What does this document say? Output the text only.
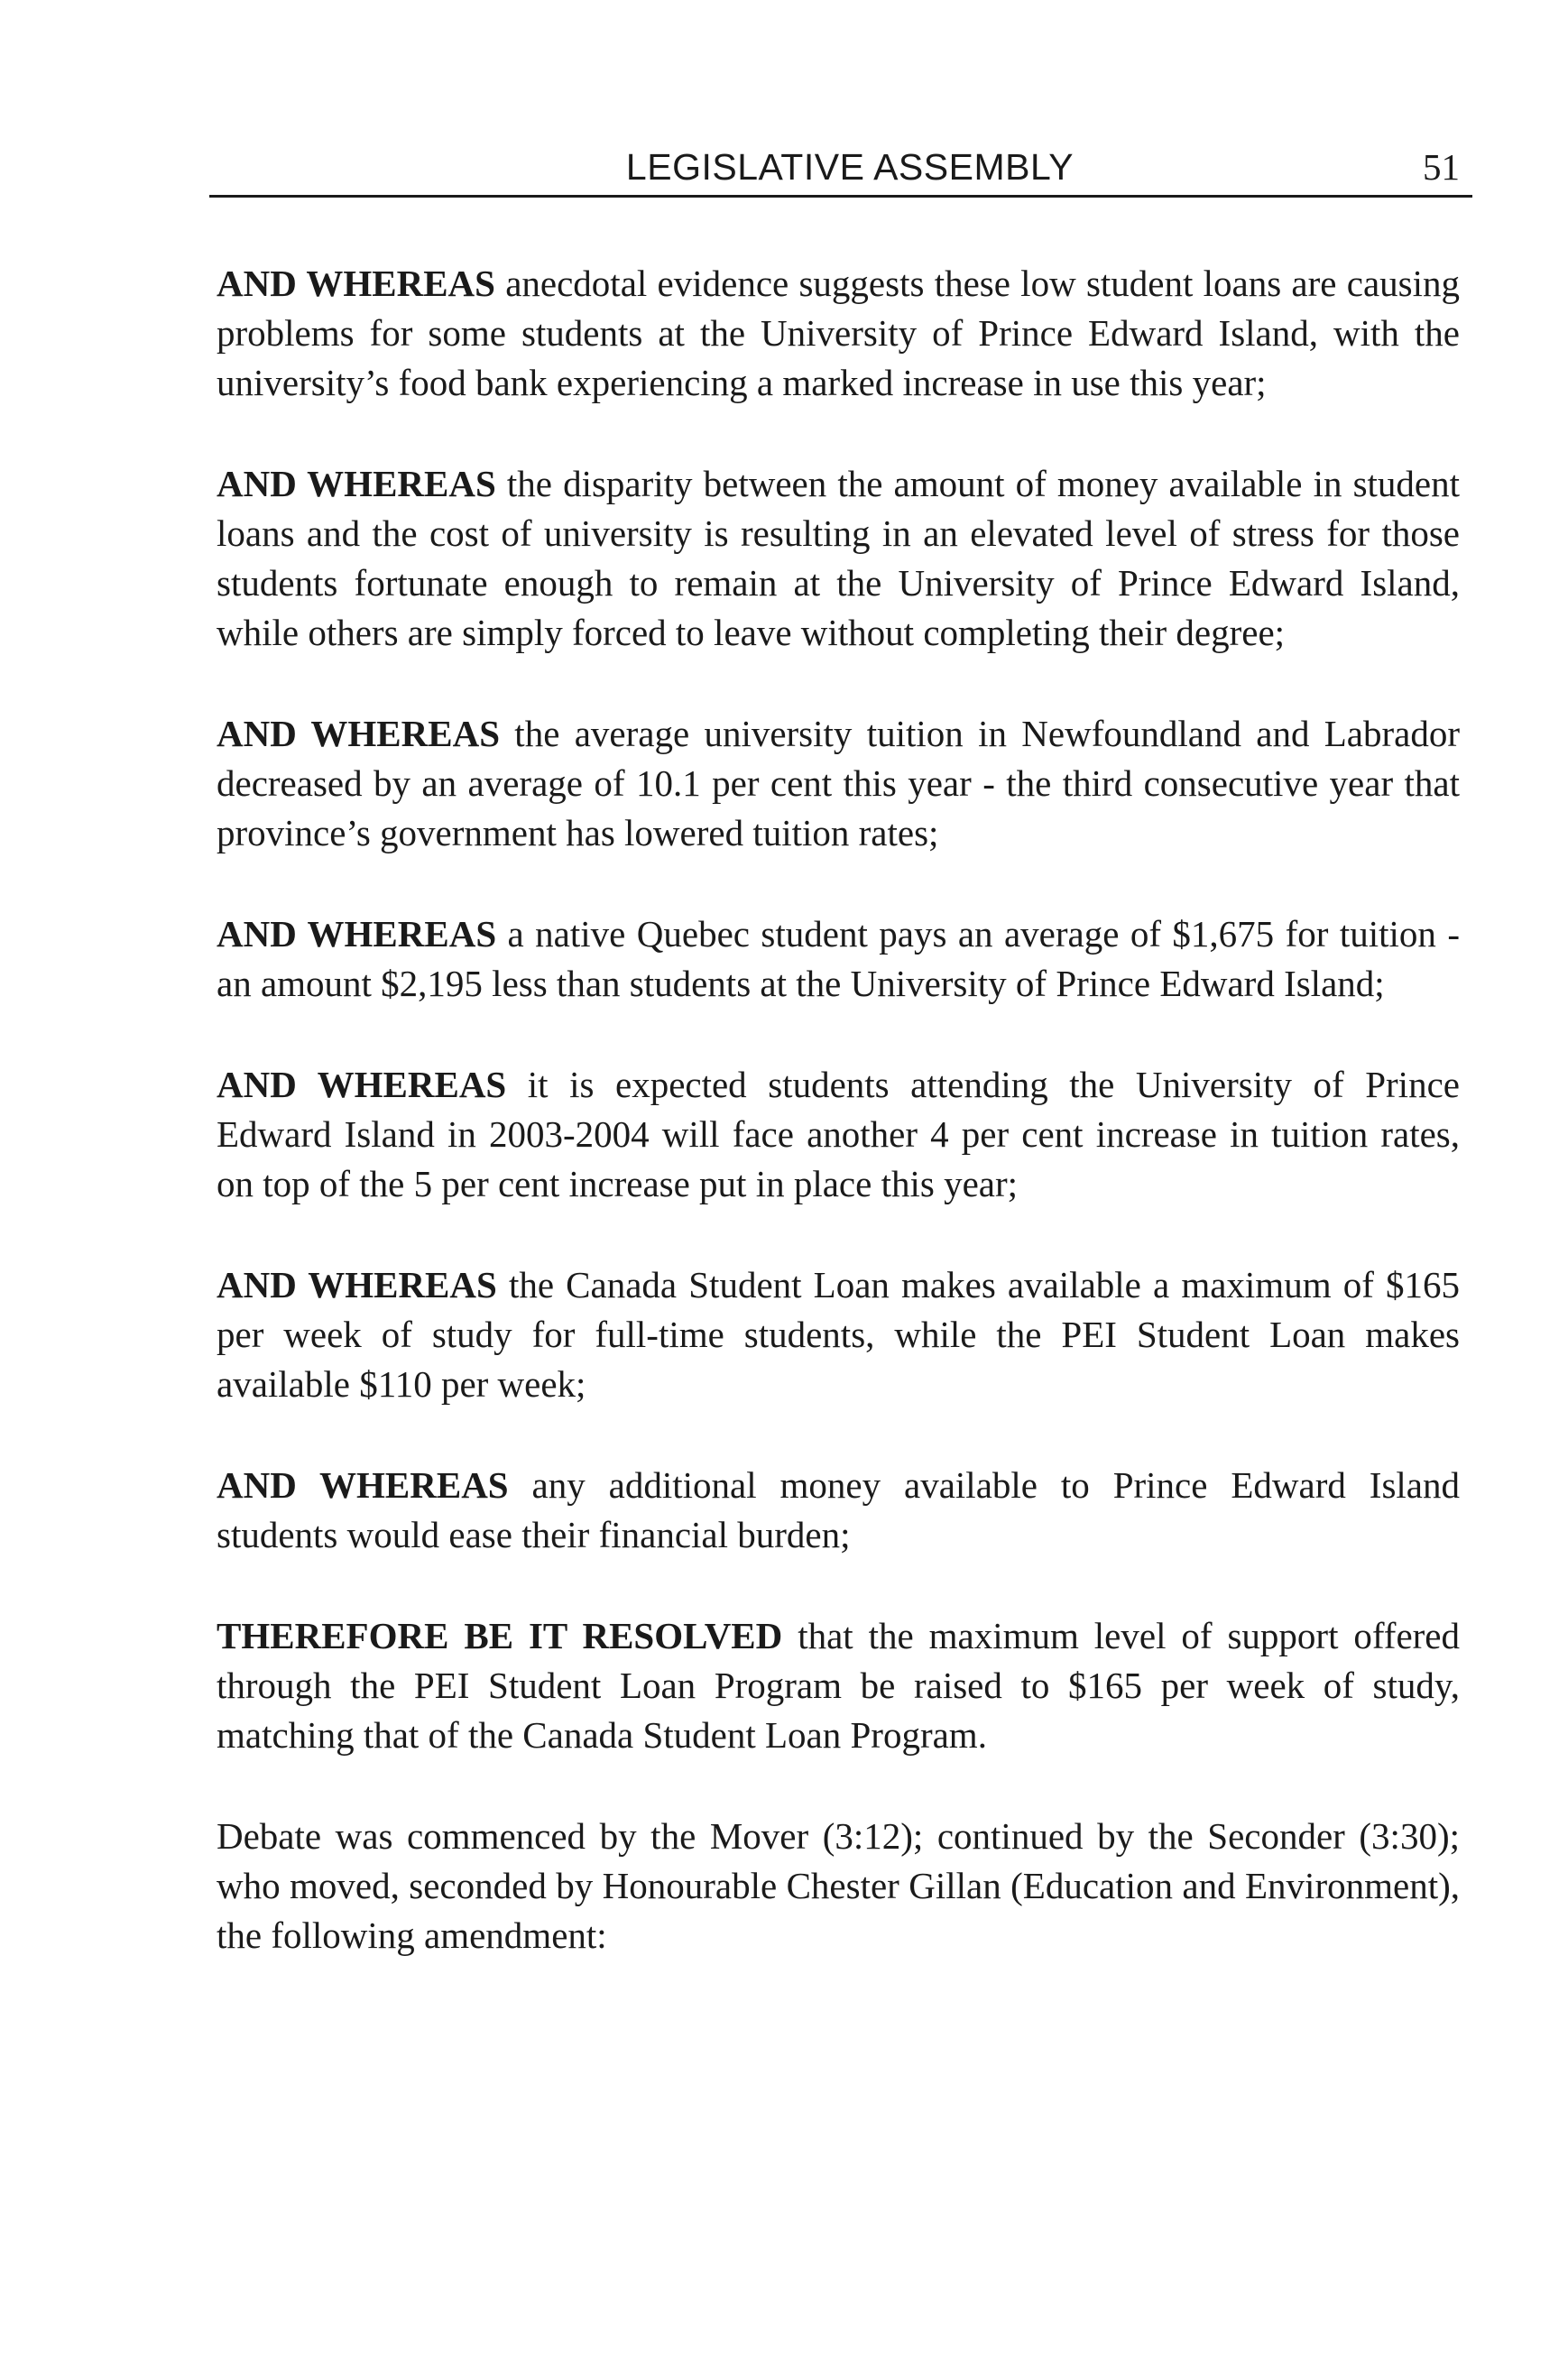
LEGISLATIVE ASSEMBLY	51

AND WHEREAS anecdotal evidence suggests these low student loans are causing problems for some students at the University of Prince Edward Island, with the university’s food bank experiencing a marked increase in use this year;

AND WHEREAS the disparity between the amount of money available in student loans and the cost of university is resulting in an elevated level of stress for those students fortunate enough to remain at the University of Prince Edward Island, while others are simply forced to leave without completing their degree;

AND WHEREAS the average university tuition in Newfoundland and Labrador decreased by an average of 10.1 per cent this year - the third consecutive year that province’s government has lowered tuition rates;

AND WHEREAS a native Quebec student pays an average of $1,675 for tuition - an amount $2,195 less than students at the University of Prince Edward Island;

AND WHEREAS it is expected students attending the University of Prince Edward Island in 2003-2004 will face another 4 per cent increase in tuition rates, on top of the 5 per cent increase put in place this year;

AND WHEREAS the Canada Student Loan makes available a maximum of $165 per week of study for full-time students, while the PEI Student Loan makes available $110 per week;

AND WHEREAS any additional money available to Prince Edward Island students would ease their financial burden;

THEREFORE BE IT RESOLVED that the maximum level of support offered through the PEI Student Loan Program be raised to $165 per week of study, matching that of the Canada Student Loan Program.

Debate was commenced by the Mover (3:12); continued by the Seconder (3:30); who moved, seconded by Honourable Chester Gillan (Education and Environment), the following amendment:
